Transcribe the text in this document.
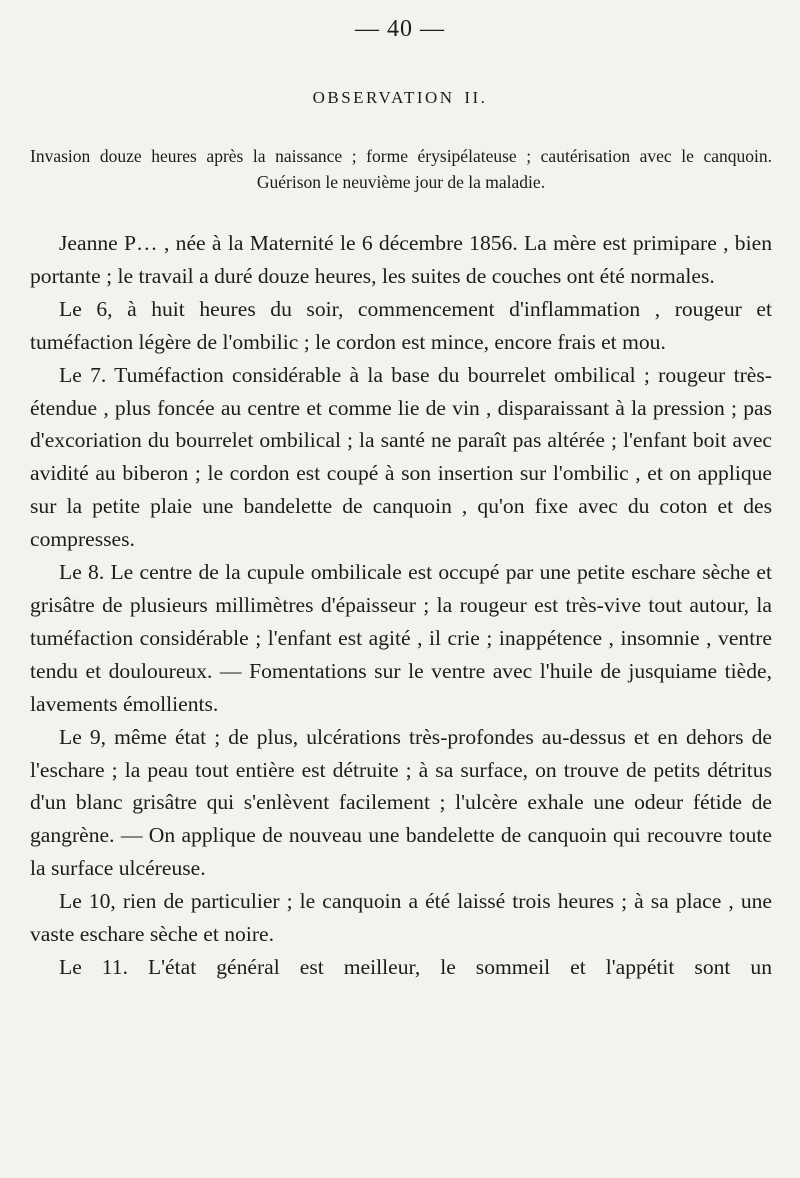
— 40 —
OBSERVATION II.

Invasion douze heures après la naissance ; forme érysipélateuse ; cautérisation avec le canquoin. Guérison le neuvième jour de la maladie.

Jeanne P… , née à la Maternité le 6 décembre 1856. La mère est primipare , bien portante ; le travail a duré douze heures, les suites de couches ont été normales.

Le 6, à huit heures du soir, commencement d'inflammation , rougeur et tuméfaction légère de l'ombilic ; le cordon est mince, encore frais et mou.

Le 7. Tuméfaction considérable à la base du bourrelet ombilical ; rougeur très-étendue , plus foncée au centre et comme lie de vin , disparaissant à la pression ; pas d'excoriation du bourrelet ombilical ; la santé ne paraît pas altérée ; l'enfant boit avec avidité au biberon ; le cordon est coupé à son insertion sur l'ombilic , et on applique sur la petite plaie une bandelette de canquoin , qu'on fixe avec du coton et des compresses.

Le 8. Le centre de la cupule ombilicale est occupé par une petite eschare sèche et grisâtre de plusieurs millimètres d'épaisseur ; la rougeur est très-vive tout autour, la tuméfaction considérable ; l'enfant est agité , il crie ; inappétence , insomnie , ventre tendu et douloureux. — Fomentations sur le ventre avec l'huile de jusquiame tiède, lavements émollients.

Le 9, même état ; de plus, ulcérations très-profondes au-dessus et en dehors de l'eschare ; la peau tout entière est détruite ; à sa surface, on trouve de petits détritus d'un blanc grisâtre qui s'enlèvent facilement ; l'ulcère exhale une odeur fétide de gangrène. — On applique de nouveau une bandelette de canquoin qui recouvre toute la surface ulcéreuse.

Le 10, rien de particulier ; le canquoin a été laissé trois heures ; à sa place , une vaste eschare sèche et noire.

Le 11. L'état général est meilleur, le sommeil et l'appétit sont un
